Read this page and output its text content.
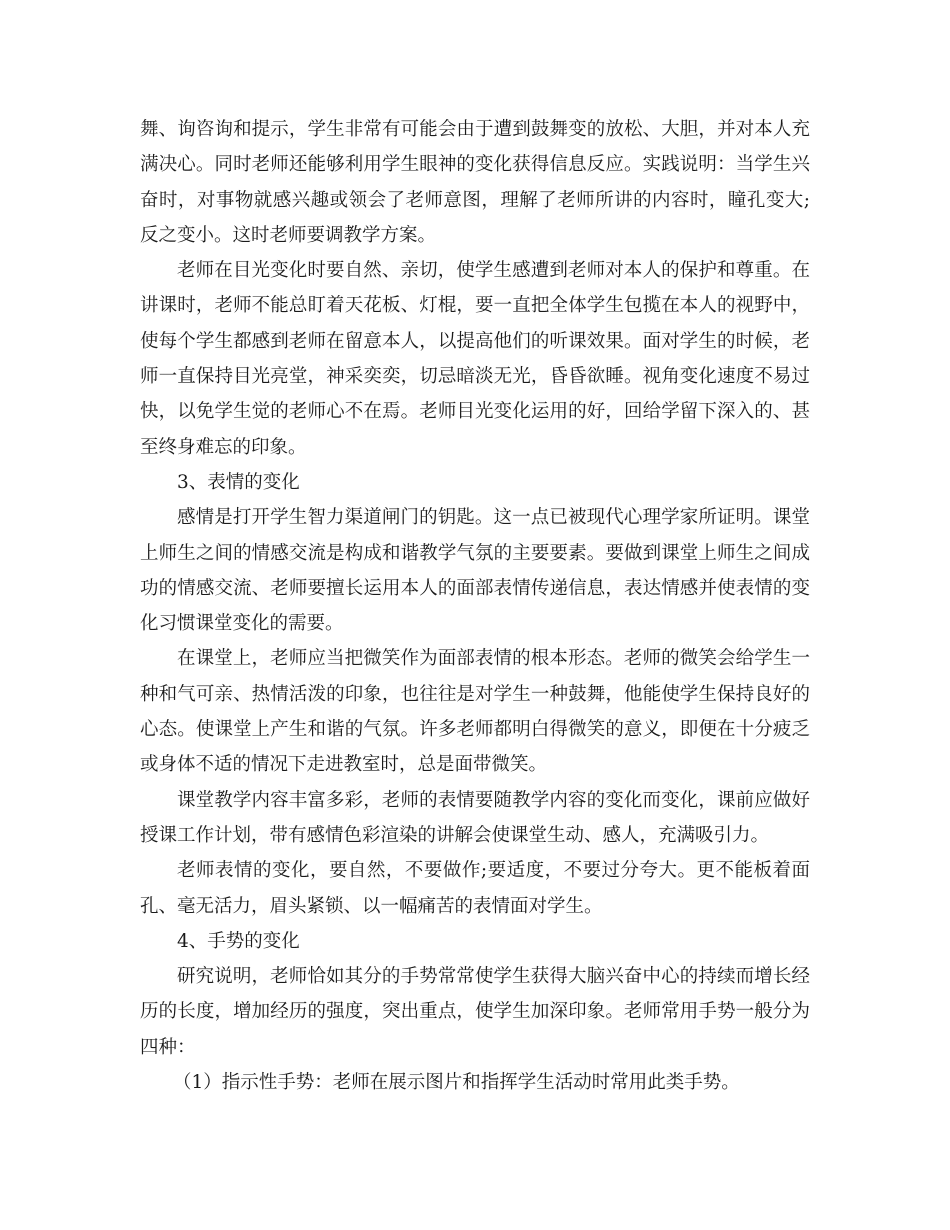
舞、询咨询和提示，学生非常有可能会由于遭到鼓舞变的放松、大胆，并对本人充满决心。同时老师还能够利用学生眼神的变化获得信息反应。实践说明：当学生兴奋时，对事物就感兴趣或领会了老师意图，理解了老师所讲的内容时，瞳孔变大;反之变小。这时老师要调教学方案。

老师在目光变化时要自然、亲切，使学生感遭到老师对本人的保护和尊重。在讲课时，老师不能总盯着天花板、灯棍，要一直把全体学生包揽在本人的视野中，使每个学生都感到老师在留意本人，以提高他们的听课效果。面对学生的时候，老师一直保持目光亮堂，神采奕奕，切忌暗淡无光，昏昏欲睡。视角变化速度不易过快，以免学生觉的老师心不在焉。老师目光变化运用的好，回给学留下深入的、甚至终身难忘的印象。

3、表情的变化

感情是打开学生智力渠道闸门的钥匙。这一点已被现代心理学家所证明。课堂上师生之间的情感交流是构成和谐教学气氛的主要要素。要做到课堂上师生之间成功的情感交流、老师要擅长运用本人的面部表情传递信息，表达情感并使表情的变化习惯课堂变化的需要。

在课堂上，老师应当把微笑作为面部表情的根本形态。老师的微笑会给学生一种和气可亲、热情活泼的印象，也往往是对学生一种鼓舞，他能使学生保持良好的心态。使课堂上产生和谐的气氛。许多老师都明白得微笑的意义，即便在十分疲乏或身体不适的情况下走进教室时，总是面带微笑。

课堂教学内容丰富多彩，老师的表情要随教学内容的变化而变化，课前应做好授课工作计划，带有感情色彩渲染的讲解会使课堂生动、感人，充满吸引力。

老师表情的变化，要自然，不要做作;要适度，不要过分夸大。更不能板着面孔、毫无活力，眉头紧锁、以一幅痛苦的表情面对学生。

4、手势的变化

研究说明，老师恰如其分的手势常常使学生获得大脑兴奋中心的持续而增长经历的长度，增加经历的强度，突出重点，使学生加深印象。老师常用手势一般分为四种：

（1）指示性手势：老师在展示图片和指挥学生活动时常用此类手势。
